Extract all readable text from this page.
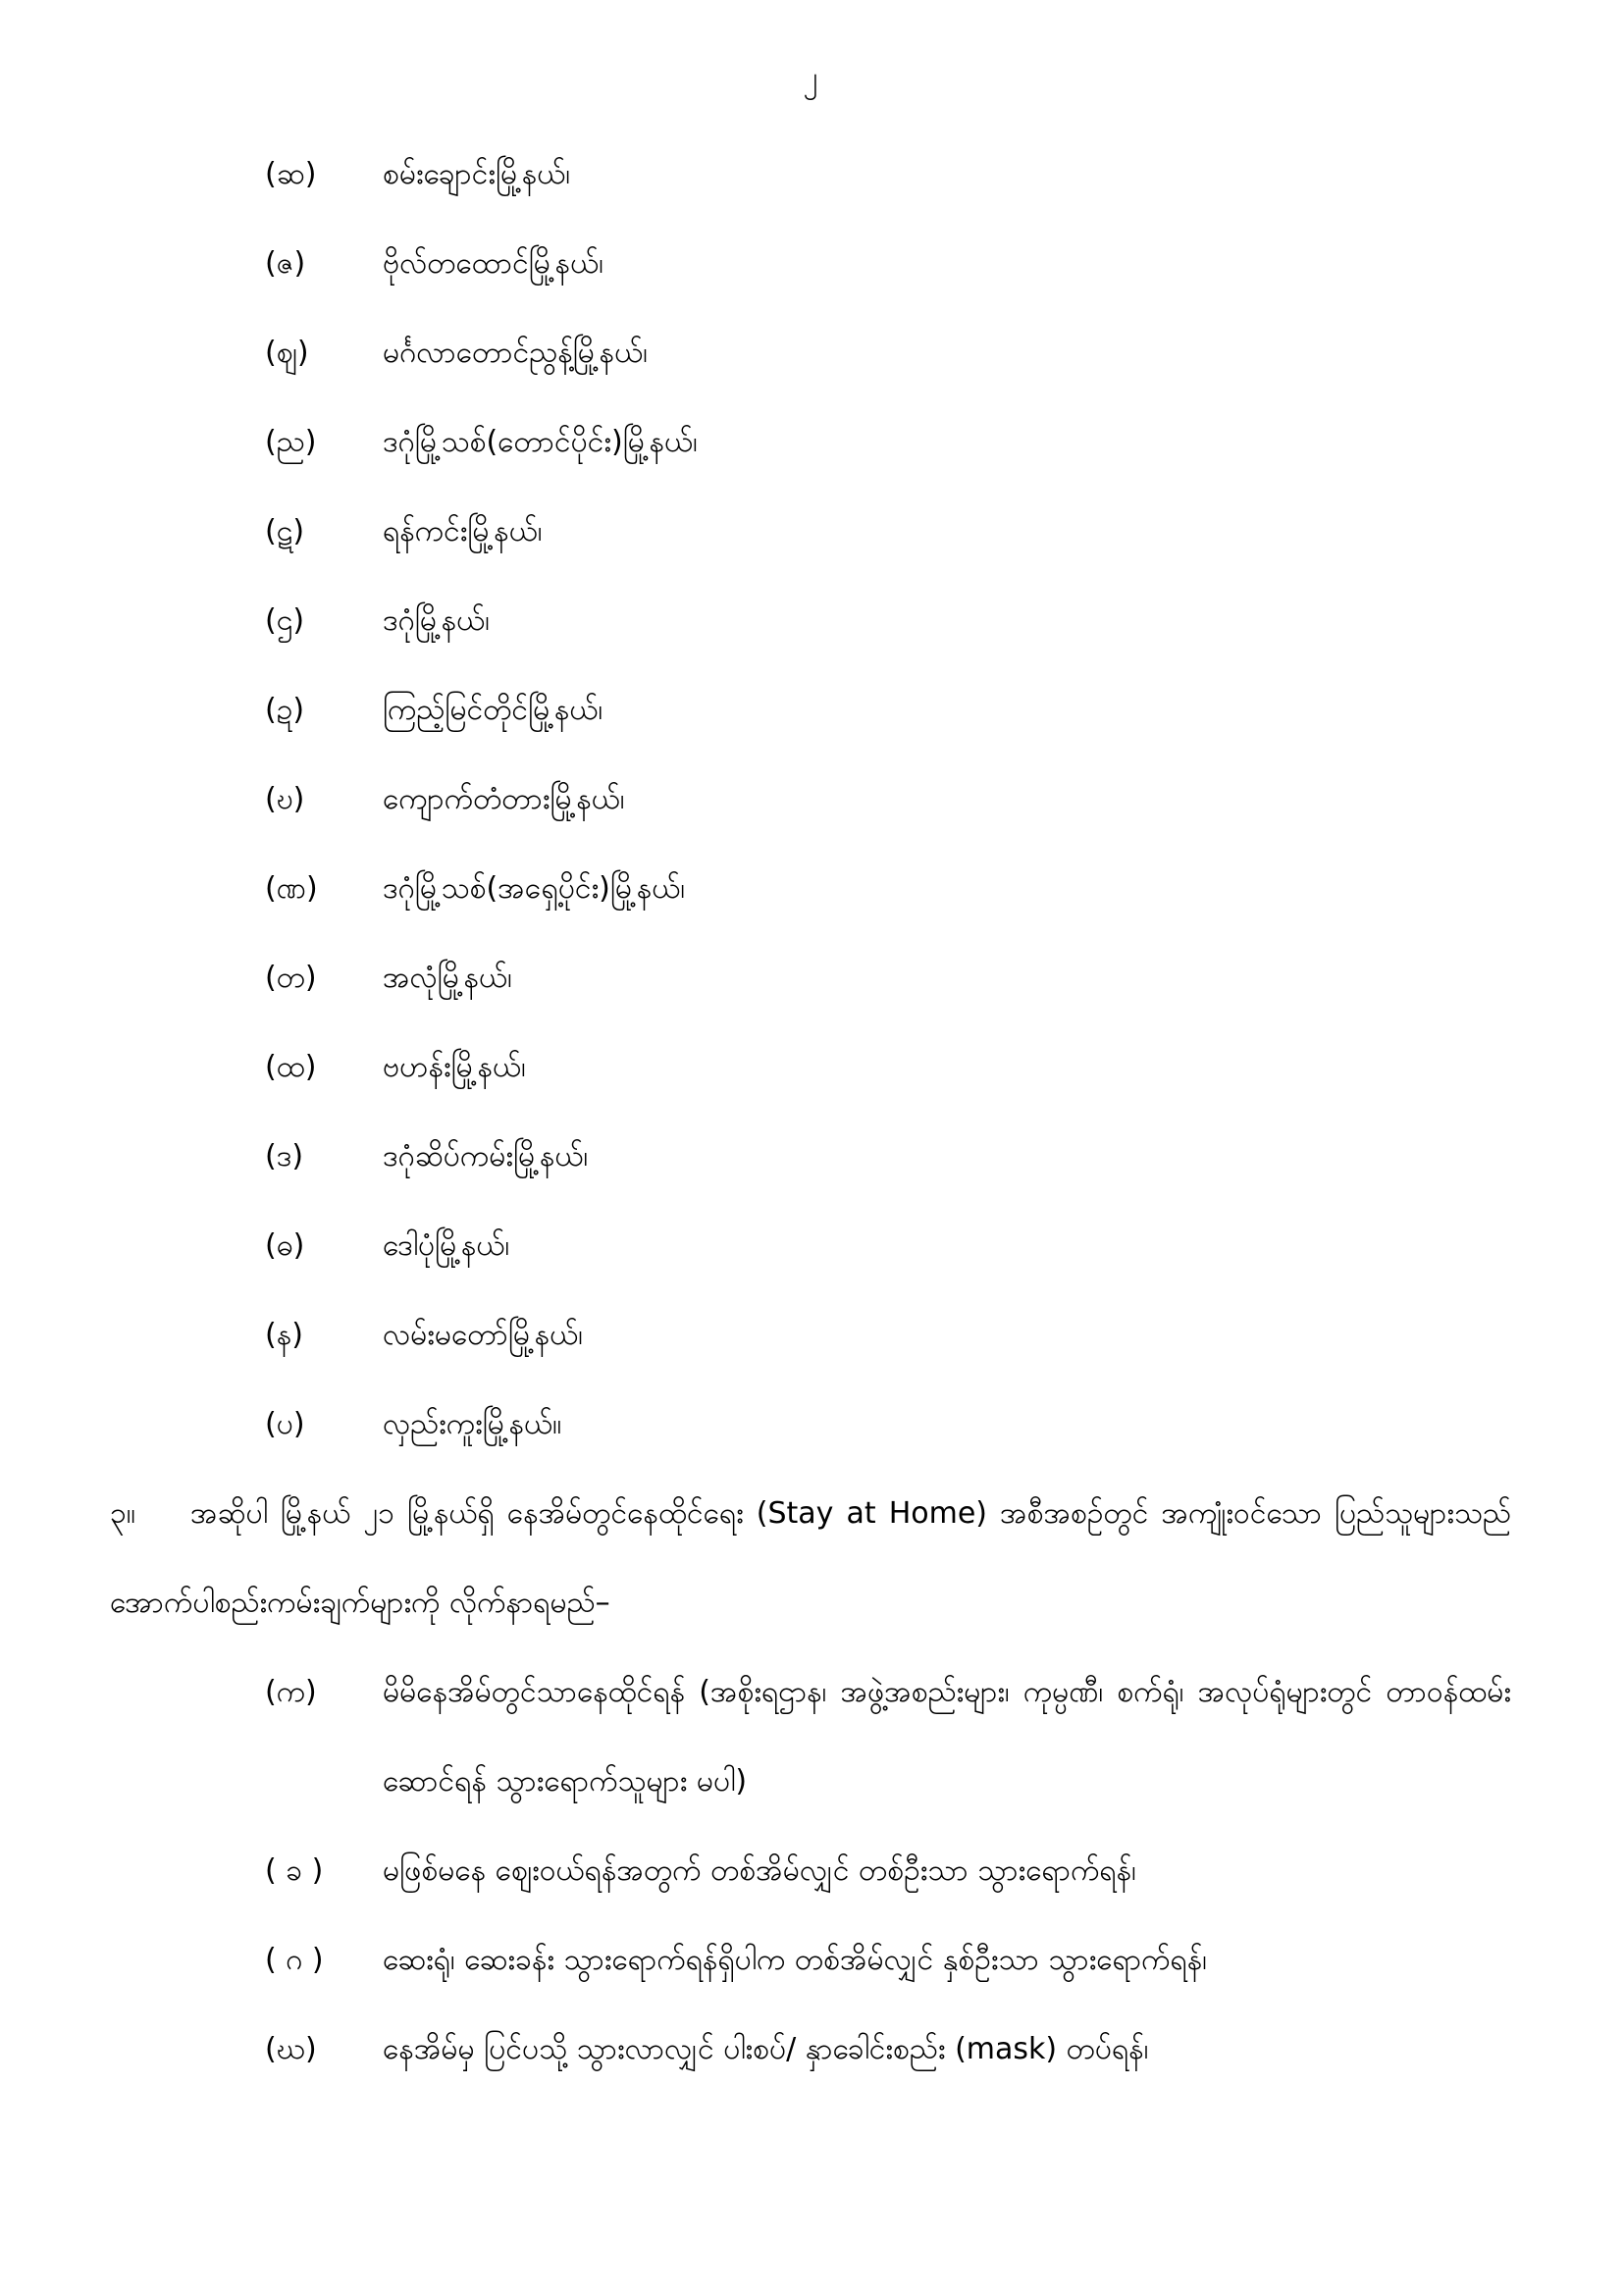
၂
(ဆ)	စမ်းချောင်းမြို့နယ်၊
(ဇ)	ဗိုလ်တထောင်မြို့နယ်၊
(ဈ)	မင်္ဂလာတောင်ညွန့်မြို့နယ်၊
(ည)	ဒဂုံမြို့သစ်(တောင်ပိုင်း)မြို့နယ်၊
(ဋ)	ရန်ကင်းမြို့နယ်၊
(ဌ)	ဒဂုံမြို့နယ်၊
(ဍ)	ကြည့်မြင်တိုင်မြို့နယ်၊
(ဎ)	ကျောက်တံတားမြို့နယ်၊
(ဏ)	ဒဂုံမြို့သစ်(အရှေ့ပိုင်း)မြို့နယ်၊
(တ)	အလုံမြို့နယ်၊
(ထ)	ဗဟန်းမြို့နယ်၊
(ဒ)	ဒဂုံဆိပ်ကမ်းမြို့နယ်၊
(ဓ)	ဒေါပုံမြို့နယ်၊
(န)	လမ်းမတော်မြို့နယ်၊
(ပ)	လှည်းကူးမြို့နယ်။
၃။ အဆိုပါ မြို့နယ် ၂၁ မြို့နယ်ရှိ နေအိမ်တွင်နေထိုင်ရေး (Stay at Home) အစီအစဉ်တွင် အကျုံးဝင်သော ပြည်သူများသည် အောက်ပါစည်းကမ်းချက်များကို လိုက်နာရမည်–
(က)	မိမိနေအိမ်တွင်သာနေထိုင်ရန် (အစိုးရဌာန၊ အဖွဲ့အစည်းများ၊ ကုမ္ပဏီ၊ စက်ရုံ၊ အလုပ်ရုံများတွင် တာဝန်ထမ်းဆောင်ရန် သွားရောက်သူများ မပါ)
( ခ )	မဖြစ်မနေ ဈေးဝယ်ရန်အတွက် တစ်အိမ်လျှင် တစ်ဦးသာ သွားရောက်ရန်၊
( ဂ )	ဆေးရုံ၊ ဆေးခန်း သွားရောက်ရန်ရှိပါက တစ်အိမ်လျှင် နှစ်ဦးသာ သွားရောက်ရန်၊
(ဃ)	နေအိမ်မှ ပြင်ပသို့ သွားလာလျှင် ပါးစပ်/ နှာခေါင်းစည်း (mask) တပ်ရန်၊
